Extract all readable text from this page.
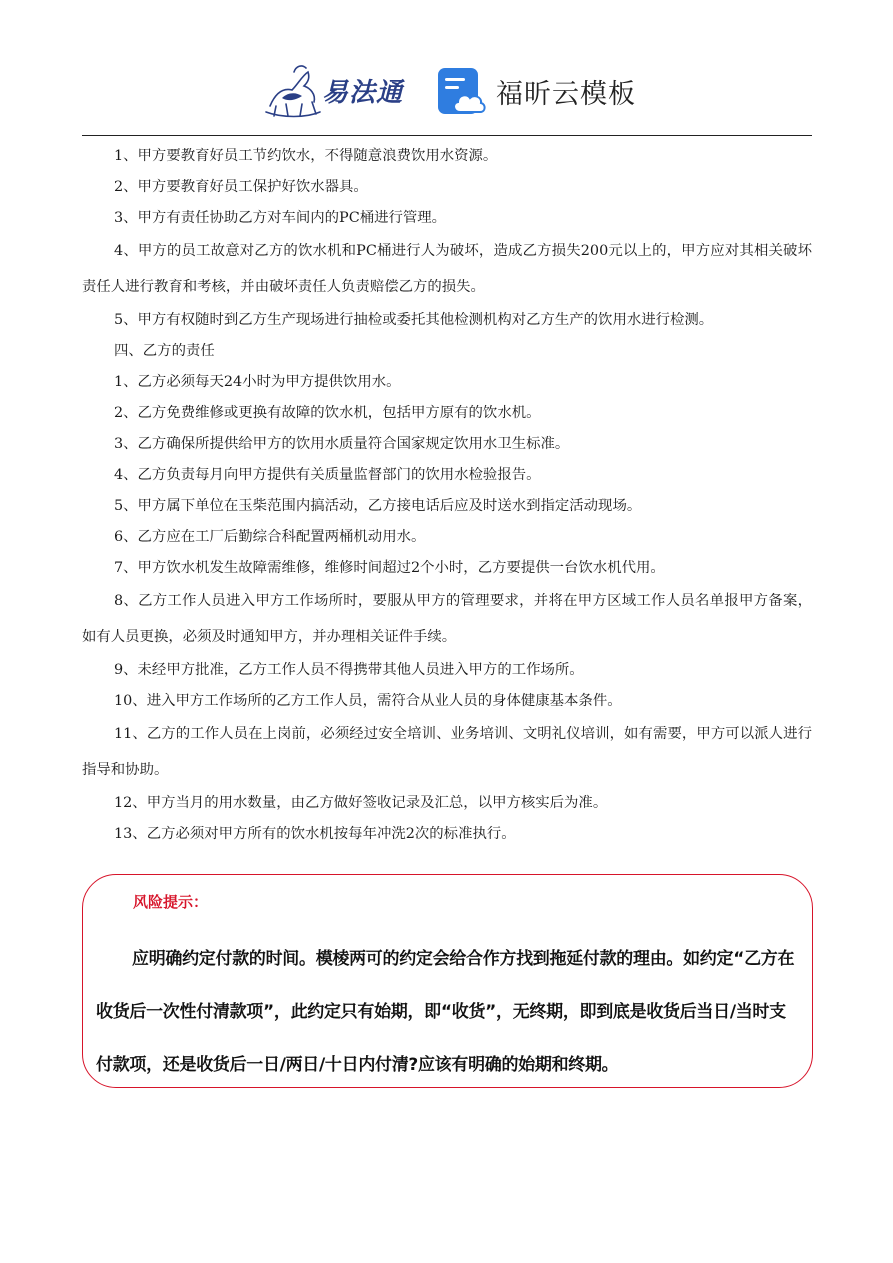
易法通	福昕云模板

1、甲方要教育好员工节约饮水，不得随意浪费饮用水资源。

2、甲方要教育好员工保护好饮水器具。

3、甲方有责任协助乙方对车间内的PC桶进行管理。

4、甲方的员工故意对乙方的饮水机和PC桶进行人为破坏，造成乙方损失200元以上的，甲方应对其相关破坏责任人进行教育和考核，并由破坏责任人负责赔偿乙方的损失。

5、甲方有权随时到乙方生产现场进行抽检或委托其他检测机构对乙方生产的饮用水进行检测。

四、乙方的责任

1、乙方必须每天24小时为甲方提供饮用水。

2、乙方免费维修或更换有故障的饮水机，包括甲方原有的饮水机。

3、乙方确保所提供给甲方的饮用水质量符合国家规定饮用水卫生标准。

4、乙方负责每月向甲方提供有关质量监督部门的饮用水检验报告。

5、甲方属下单位在玉柴范围内搞活动，乙方接电话后应及时送水到指定活动现场。

6、乙方应在工厂后勤综合科配置两桶机动用水。

7、甲方饮水机发生故障需维修，维修时间超过2个小时，乙方要提供一台饮水机代用。

8、乙方工作人员进入甲方工作场所时，要服从甲方的管理要求，并将在甲方区域工作人员名单报甲方备案，如有人员更换，必须及时通知甲方，并办理相关证件手续。

9、未经甲方批准，乙方工作人员不得携带其他人员进入甲方的工作场所。

10、进入甲方工作场所的乙方工作人员，需符合从业人员的身体健康基本条件。

11、乙方的工作人员在上岗前，必须经过安全培训、业务培训、文明礼仪培训，如有需要，甲方可以派人进行指导和协助。

12、甲方当月的用水数量，由乙方做好签收记录及汇总，以甲方核实后为准。

13、乙方必须对甲方所有的饮水机按每年冲洗2次的标准执行。

风险提示：

应明确约定付款的时间。模棱两可的约定会给合作方找到拖延付款的理由。如约定“乙方在收货后一次性付清款项”，此约定只有始期，即“收货”，无终期，即到底是收货后当日/当时支付款项，还是收货后一日/两日/十日内付清?应该有明确的始期和终期。
